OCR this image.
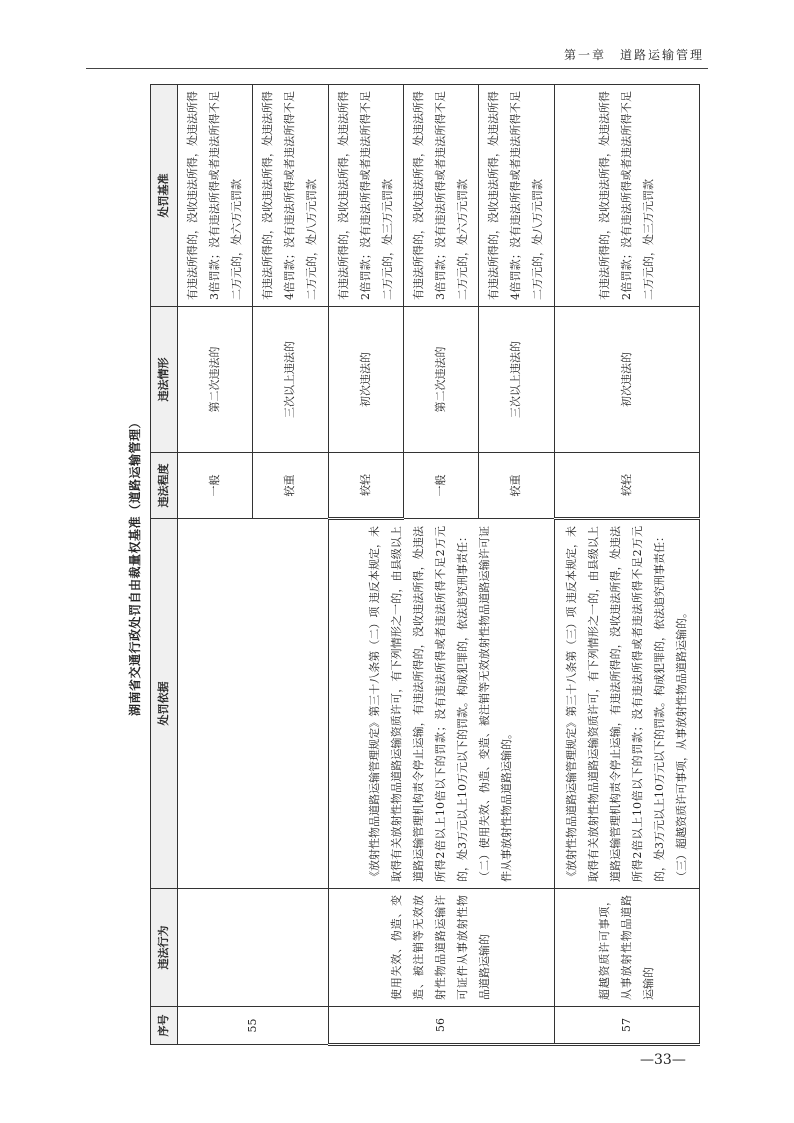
第一章　道路运输管理
湖南省交通行政处罚自由裁量权基准（道路运输管理）
序号	违法行为	处罚依据	违法程度	违法情形	处罚基准
55			一般	第二次违法的	有违法所得的，没收违法所得，处违法所得3倍罚款；没有违法所得或者违法所得不足二万元的，处六万元罚款
			较重	三次以上违法的	有违法所得的，没收违法所得，处违法所得4倍罚款；没有违法所得或者违法所得不足二万元的，处八万元罚款
56	使用失效、伪造、变造、被注销等无效放射性物品道路运输许可证件从事放射性物品道路运输的	《放射性物品道路运输管理规定》第三十八条第（二）项 违反本规定，未取得有关放射性物品道路运输资质许可，有下列情形之一的，由县级以上道路运输管理机构责令停止运输，有违法所得的，没收违法所得，处违法所得2倍以上10倍以下的罚款；没有违法所得或者违法所得不足2万元的，处3万元以上10万元以下的罚款。构成犯罪的，依法追究刑事责任： （二）使用失效、伪造、变造、被注销等无效放射性物品道路运输许可证件从事放射性物品道路运输的。	较轻	初次违法的	有违法所得的，没收违法所得，处违法所得2倍罚款；没有违法所得或者违法所得不足二万元的，处三万元罚款
			一般	第二次违法的	有违法所得的，没收违法所得，处违法所得3倍罚款；没有违法所得或者违法所得不足二万元的，处六万元罚款
			较重	三次以上违法的	有违法所得的，没收违法所得，处违法所得4倍罚款；没有违法所得或者违法所得不足二万元的，处八万元罚款
57	超越资质许可事项，从事放射性物品道路运输的	《放射性物品道路运输管理规定》第三十八条第（三）项 违反本规定，未取得有关放射性物品道路运输资质许可，有下列情形之一的，由县级以上道路运输管理机构责令停止运输，有违法所得的，没收违法所得，处违法所得2倍以上10倍以下的罚款；没有违法所得或者违法所得不足2万元的，处3万元以上10万元以下的罚款。构成犯罪的，依法追究刑事责任： （三）超越资质许可事项，从事放射性物品道路运输的。	较轻	初次违法的	有违法所得的，没收违法所得，处违法所得2倍罚款；没有违法所得或者违法所得不足二万元的，处三万元罚款
—33—
